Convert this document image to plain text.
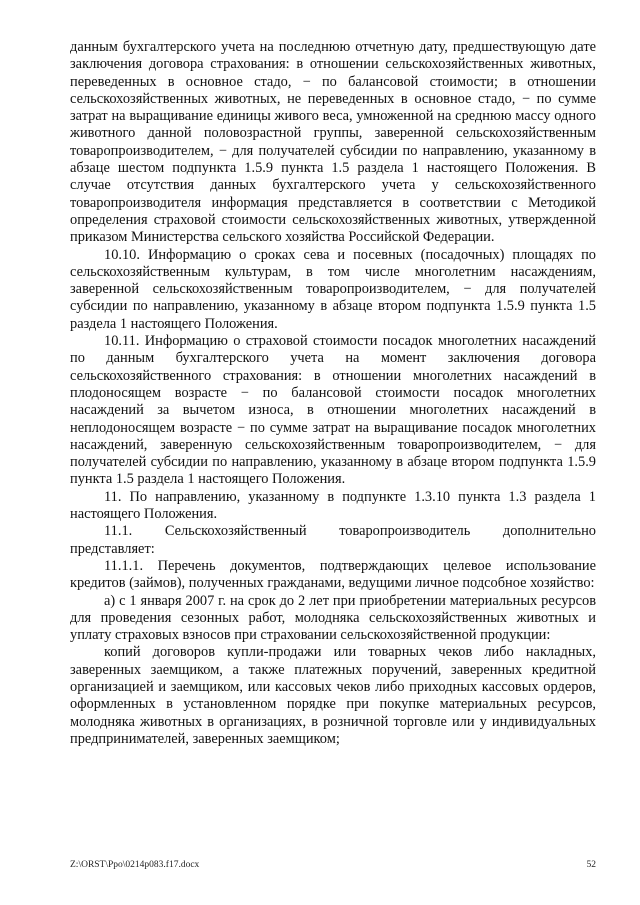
данным бухгалтерского учета на последнюю отчетную дату, предшествующую дате заключения договора страхования: в отношении сельскохозяйственных животных, переведенных в основное стадо, − по балансовой стоимости; в отношении сельскохозяйственных животных, не переведенных в основное стадо, − по сумме затрат на выращивание единицы живого веса, умноженной на среднюю массу одного животного данной половозрастной группы, заверенной сельскохозяйственным товаропроизводителем, − для получателей субсидии по направлению, указанному в абзаце шестом подпункта 1.5.9 пункта 1.5 раздела 1 настоящего Положения. В случае отсутствия данных бухгалтерского учета у сельскохозяйственного товаропроизводителя информация представляется в соответствии с Методикой определения страховой стоимости сельскохозяйственных животных, утвержденной приказом Министерства сельского хозяйства Российской Федерации.

10.10. Информацию о сроках сева и посевных (посадочных) площадях по сельскохозяйственным культурам, в том числе многолетним насаждениям, заверенной сельскохозяйственным товаропроизводителем, − для получателей субсидии по направлению, указанному в абзаце втором подпункта 1.5.9 пункта 1.5 раздела 1 настоящего Положения.

10.11. Информацию о страховой стоимости посадок многолетних насаждений по данным бухгалтерского учета на момент заключения договора сельскохозяйственного страхования: в отношении многолетних насаждений в плодоносящем возрасте − по балансовой стоимости посадок многолетних насаждений за вычетом износа, в отношении многолетних насаждений в неплодоносящем возрасте − по сумме затрат на выращивание посадок многолетних насаждений, заверенную сельскохозяйственным товаропроизводителем, − для получателей субсидии по направлению, указанному в абзаце втором подпункта 1.5.9 пункта 1.5 раздела 1 настоящего Положения.

11. По направлению, указанному в подпункте 1.3.10 пункта 1.3 раздела 1 настоящего Положения.

11.1. Сельскохозяйственный товаропроизводитель дополнительно представляет:

11.1.1. Перечень документов, подтверждающих целевое использование кредитов (займов), полученных гражданами, ведущими личное подсобное хозяйство:

а) с 1 января 2007 г. на срок до 2 лет при приобретении материальных ресурсов для проведения сезонных работ, молодняка сельскохозяйственных животных и уплату страховых взносов при страховании сельскохозяйственной продукции:

копий договоров купли-продажи или товарных чеков либо накладных, заверенных заемщиком, а также платежных поручений, заверенных кредитной организацией и заемщиком, или кассовых чеков либо приходных кассовых ордеров, оформленных в установленном порядке при покупке материальных ресурсов, молодняка животных в организациях, в розничной торговле или у индивидуальных предпринимателей, заверенных заемщиком;

Z:\ORST\Ppo\0214p083.f17.docx	52
